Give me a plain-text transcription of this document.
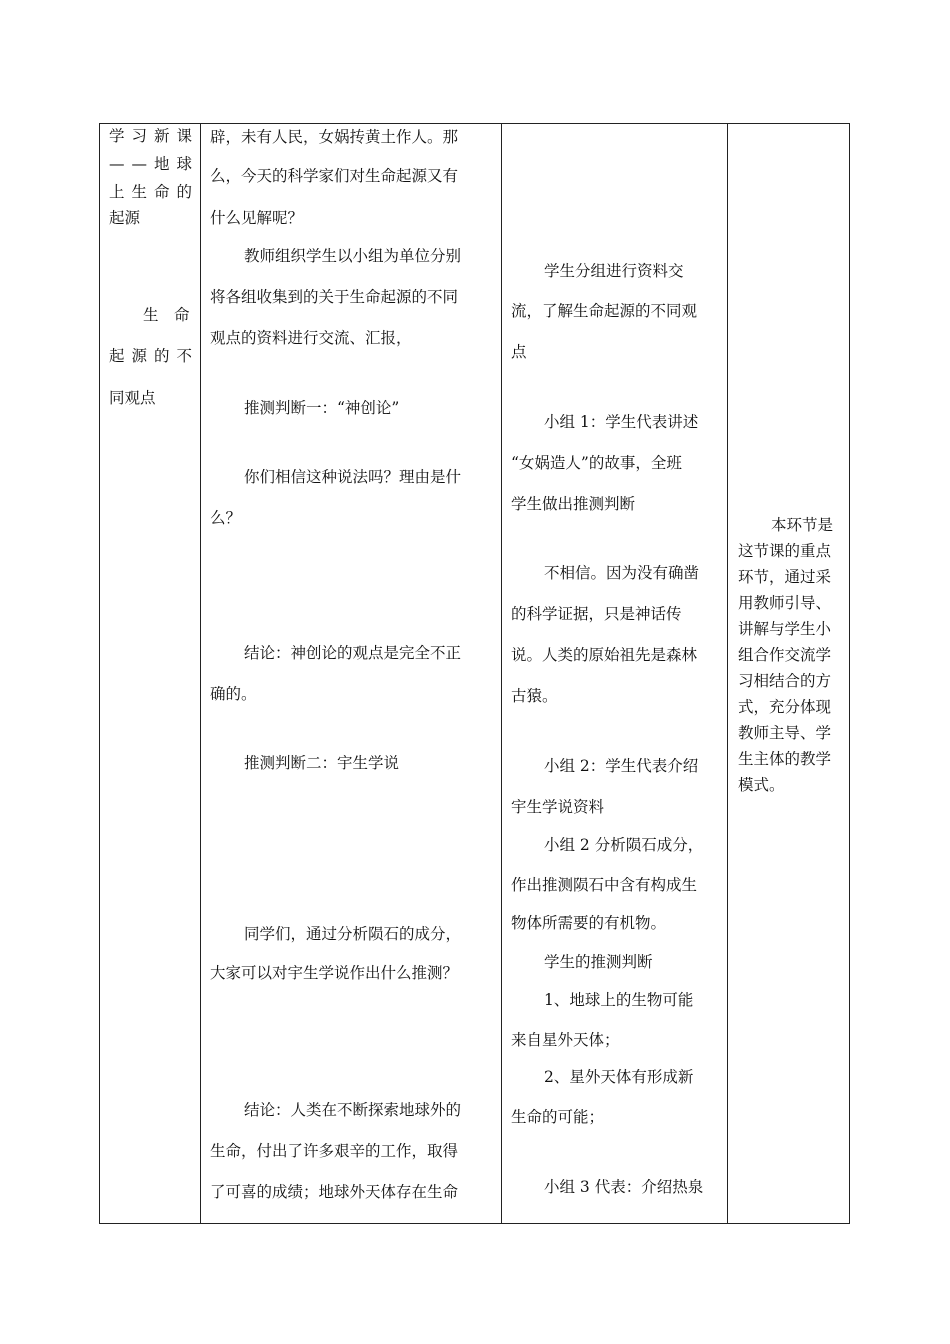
学 习 新 课
— — 地 球
上 生 命 的
起源
生　命
起 源 的 不
同观点
辟，未有人民，女娲抟黄土作人。那
么，今天的科学家们对生命起源又有
什么见解呢？
教师组织学生以小组为单位分别
将各组收集到的关于生命起源的不同
观点的资料进行交流、汇报，
推测判断一：“神创论”
你们相信这种说法吗？理由是什
么？
结论：神创论的观点是完全不正
确的。
推测判断二：宇生学说
同学们，通过分析陨石的成分，
大家可以对宇生学说作出什么推测？
结论：人类在不断探索地球外的
生命，付出了许多艰辛的工作，取得
了可喜的成绩；地球外天体存在生命
学生分组进行资料交
流，了解生命起源的不同观
点
小组 1：学生代表讲述
“女娲造人”的故事，全班
学生做出推测判断
不相信。因为没有确凿
的科学证据，只是神话传
说。人类的原始祖先是森林
古猿。
小组 2：学生代表介绍
宇生学说资料
小组 2 分析陨石成分，
作出推测陨石中含有构成生
物体所需要的有机物。
学生的推测判断
1、地球上的生物可能
来自星外天体；
2、星外天体有形成新
生命的可能；
小组 3 代表：介绍热泉
本环节是
这节课的重点
环节，通过采
用教师引导、
讲解与学生小
组合作交流学
习相结合的方
式，充分体现
教师主导、学
生主体的教学
模式。
